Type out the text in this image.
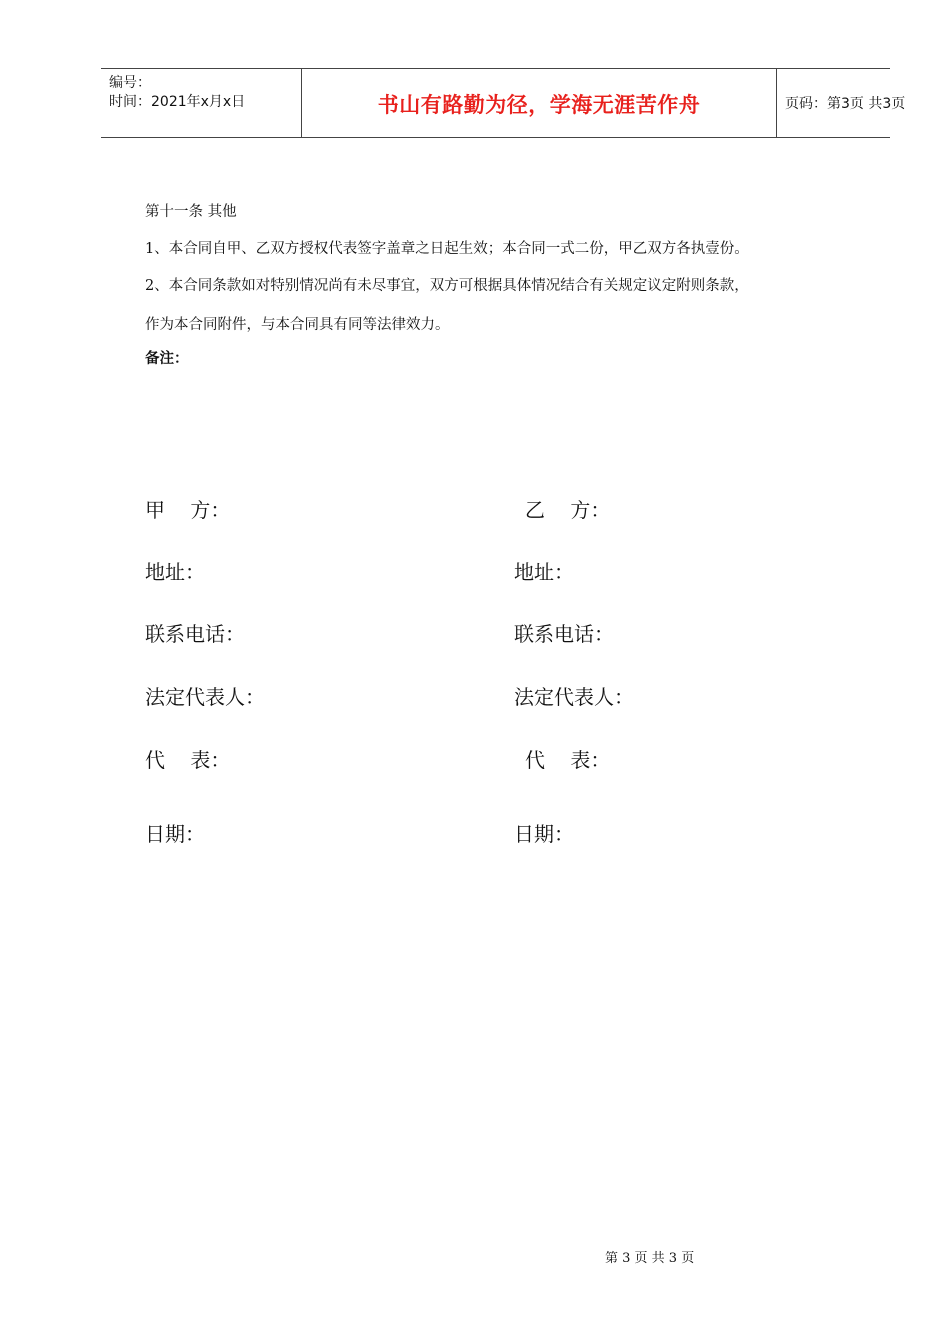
编号：
时间：2021年x月x日	书山有路勤为径，学海无涯苦作舟	页码：第3页 共3页
第十一条 其他
1、本合同自甲、乙双方授权代表签字盖章之日起生效；本合同一式二份，甲乙双方各执壹份。
2、本合同条款如对特别情况尚有未尽事宜，双方可根据具体情况结合有关规定议定附则条款，
作为本合同附件，与本合同具有同等法律效力。
备注：
甲    方：	乙    方：
地址：	地址：
联系电话：	联系电话：
法定代表人：	法定代表人：
代    表：	代    表：
日期：	日期：
第 3 页 共 3 页
